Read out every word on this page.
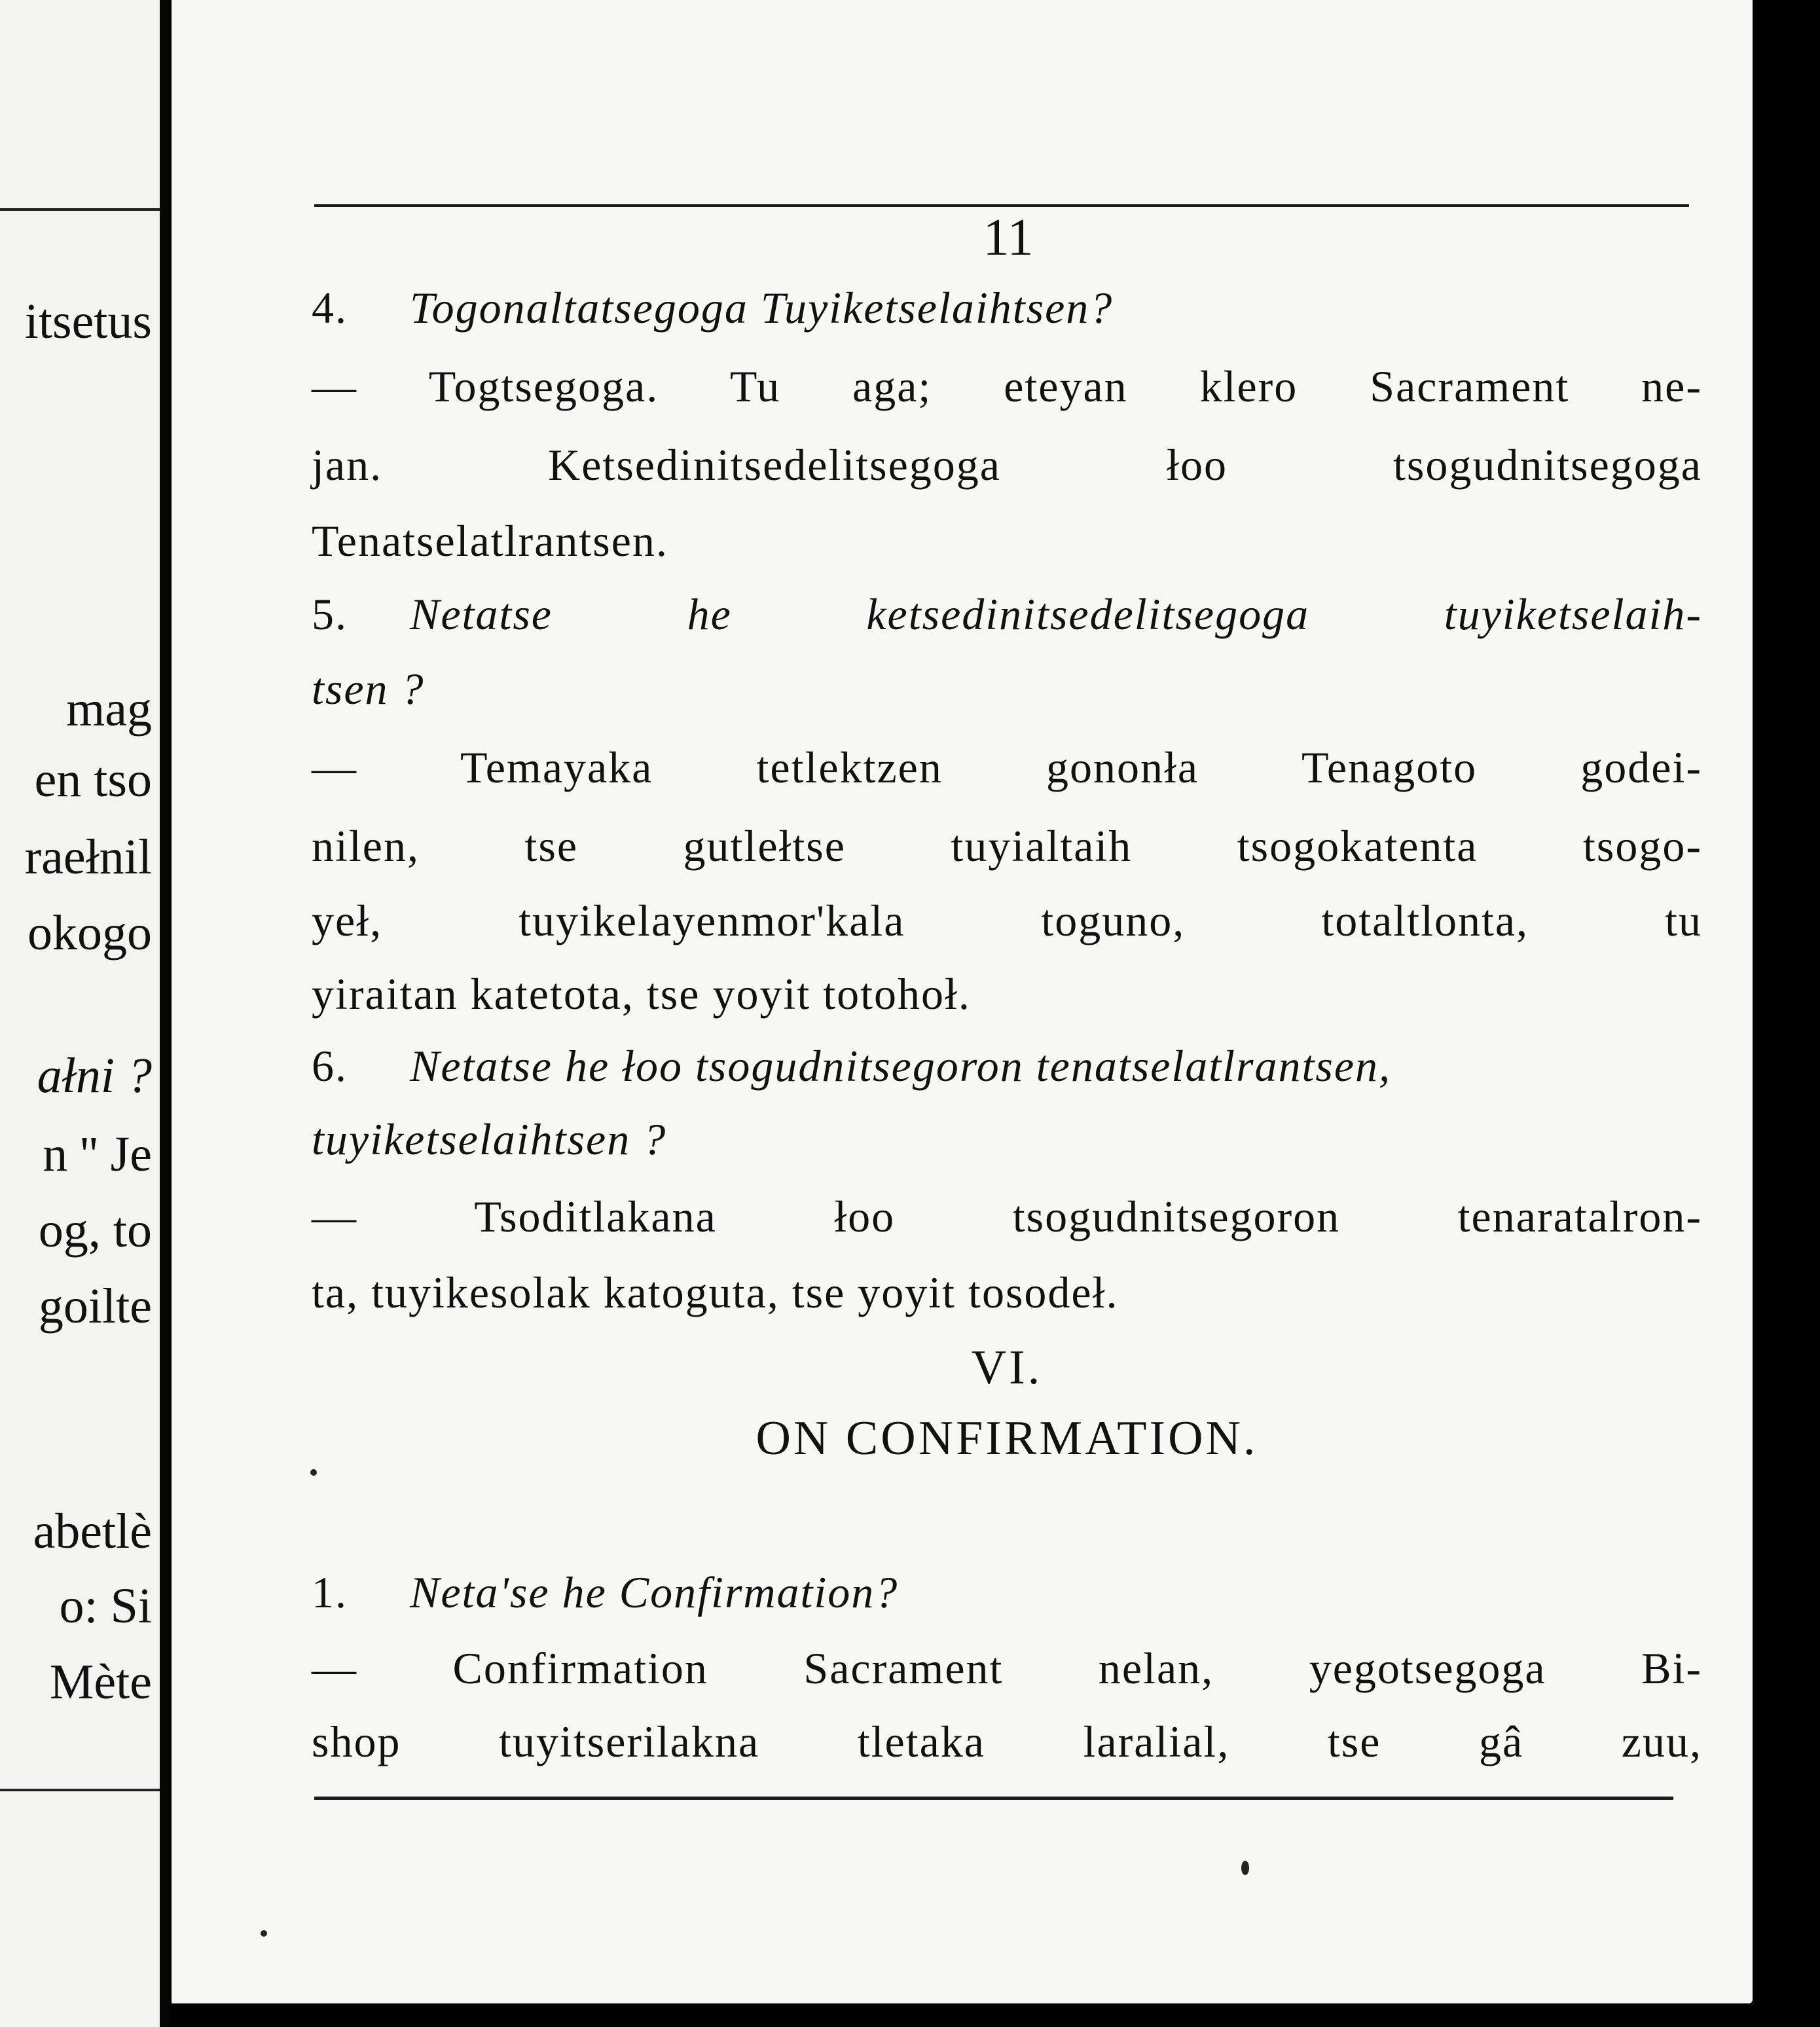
itsetus
mag
en tso
raełnil
okogo
ałni ?
n '' Je
og, to
goilte
abetlè
o: Si
Mète
11
4. Togonaltatsegoga Tuyiketselaihtsen?
— Togtsegoga. Tu aga; eteyan klero Sacrament ne-
jan. Ketsedinitsedelitsegoga łoo tsogudnitsegoga
Tenatselatlrantsen.
5. Netatse he ketsedinitsedelitsegoga tuyiketselaih-
tsen ?
— Temayaka tetlektzen gononła Tenagoto godei-
nilen, tse gutlełtse tuyialtaih tsogokatenta tsogo-
yeł, tuyikelayenmor'kala toguno, totaltlonta, tu
yiraitan katetota, tse yoyit totohoł.
6. Netatse he łoo tsogudnitsegoron tenatselatlrantsen,
tuyiketselaihtsen ?
— Tsoditlakana łoo tsogudnitsegoron tenaratalron-
ta, tuyikesolak katoguta, tse yoyit tosodeł.
VI.
ON CONFIRMATION.
1. Neta'se he Confirmation?
— Confirmation Sacrament nelan, yegotsegoga Bi-
shop tuyitserilakna tletaka laralial, tse gâ zuu,
